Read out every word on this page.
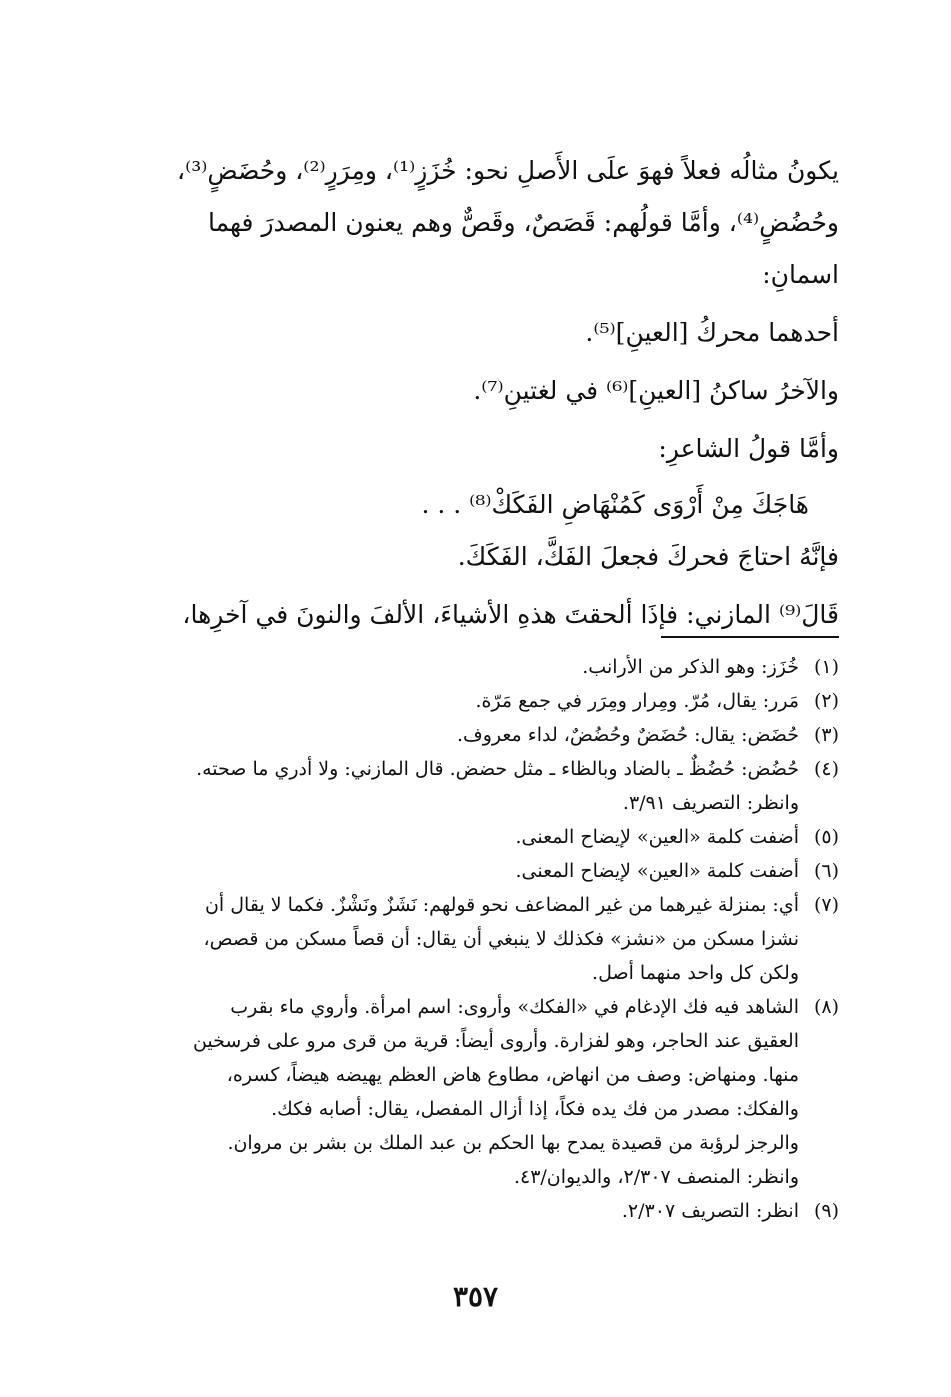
يكونُ مثالُه فعلاً فهوَ علَى الأَصلِ نحو: خُزَزٍ⁽¹⁾، ومِرَرٍ⁽²⁾، وحُضَضٍ⁽³⁾،

وحُضُضٍ⁽⁴⁾، وأمَّا قولُهم: قَصَصٌ، وقَصٌّ وهم يعنون المصدرَ فهما

اسمانِ:

أحدهما محركُ [العينِ]⁽⁵⁾.

والآخرُ ساكنُ [العينِ]⁽⁶⁾ في لغتينِ⁽⁷⁾.

وأمَّا قولُ الشاعرِ:

هَاجَكَ مِنْ أَرْوَى كَمُنْهَاضِ الفَكَكْ⁽⁸⁾ . . .

فإنَّهُ احتاجَ فحركَ فجعلَ الفَكَّ، الفَكَكَ.

قَالَ⁽⁹⁾ المازني: فإذَا ألحقتَ هذهِ الأشياءَ، الألفَ والنونَ في آخرِها،

(١)
خُزَز: وهو الذكر من الأرانب.
(٢)
مَرر: يقال، مُرّ. ومِرار ومِرَر في جمع مَرّة.
(٣)
حُضَض: يقال: حُضَضٌ وحُضُضٌ، لداء معروف.
(٤)
حُضُض: حُضُظٌ ـ بالضاد وبالظاء ـ مثل حضض. قال المازني: ولا أدري ما صحته.
وانظر: التصريف ٣/٩١.
(٥)
أضفت كلمة «العين» لإيضاح المعنى.
(٦)
أضفت كلمة «العين» لإيضاح المعنى.
(٧)
أي: بمنزلة غيرهما من غير المضاعف نحو قولهم: نَشَزٌ ونَشْزٌ. فكما لا يقال أن
نشزا مسكن من «نشز» فكذلك لا ينبغي أن يقال: أن قصاً مسكن من قصص،
ولكن كل واحد منهما أصل.
(٨)
الشاهد فيه فك الإدغام في «الفكك» وأروى: اسم امرأة. وأروي ماء بقرب
العقيق عند الحاجر، وهو لفزارة. وأروى أيضاً: قرية من قرى مرو على فرسخين
منها. ومنهاض: وصف من انهاض، مطاوع هاض العظم يهيضه هيضاً، كسره،
والفكك: مصدر من فك يده فكاً، إذا أزال المفصل، يقال: أصابه فكك.
والرجز لرؤبة من قصيدة يمدح بها الحكم بن عبد الملك بن بشر بن مروان.
وانظر: المنصف ٢/٣٠٧، والديوان/٤٣.
(٩)
انظر: التصريف ٢/٣٠٧.
٣٥٧
